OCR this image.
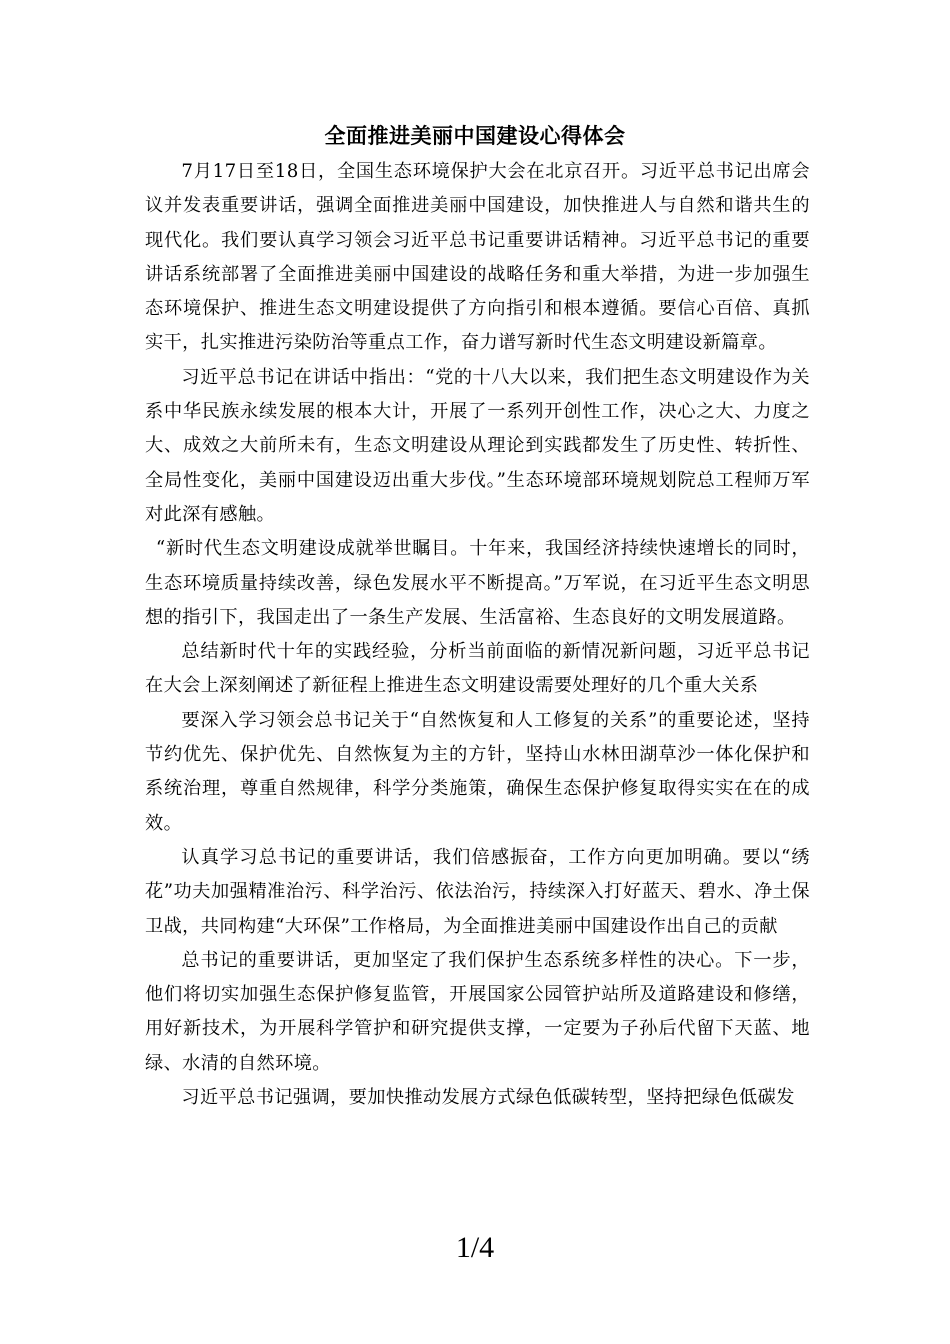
全面推进美丽中国建设心得体会

7月17日至18日，全国生态环境保护大会在北京召开。习近平总书记出席会议并发表重要讲话，强调全面推进美丽中国建设，加快推进人与自然和谐共生的现代化。我们要认真学习领会习近平总书记重要讲话精神。习近平总书记的重要讲话系统部署了全面推进美丽中国建设的战略任务和重大举措，为进一步加强生态环境保护、推进生态文明建设提供了方向指引和根本遵循。要信心百倍、真抓实干，扎实推进污染防治等重点工作，奋力谱写新时代生态文明建设新篇章。

习近平总书记在讲话中指出：“党的十八大以来，我们把生态文明建设作为关系中华民族永续发展的根本大计，开展了一系列开创性工作，决心之大、力度之大、成效之大前所未有，生态文明建设从理论到实践都发生了历史性、转折性、全局性变化，美丽中国建设迈出重大步伐。”生态环境部环境规划院总工程师万军对此深有感触。

“新时代生态文明建设成就举世瞩目。十年来，我国经济持续快速增长的同时，生态环境质量持续改善，绿色发展水平不断提高。”万军说，在习近平生态文明思想的指引下，我国走出了一条生产发展、生活富裕、生态良好的文明发展道路。

总结新时代十年的实践经验，分析当前面临的新情况新问题，习近平总书记在大会上深刻阐述了新征程上推进生态文明建设需要处理好的几个重大关系

要深入学习领会总书记关于“自然恢复和人工修复的关系”的重要论述，坚持节约优先、保护优先、自然恢复为主的方针，坚持山水林田湖草沙一体化保护和系统治理，尊重自然规律，科学分类施策，确保生态保护修复取得实实在在的成效。

认真学习总书记的重要讲话，我们倍感振奋，工作方向更加明确。要以“绣花”功夫加强精准治污、科学治污、依法治污，持续深入打好蓝天、碧水、净土保卫战，共同构建“大环保”工作格局，为全面推进美丽中国建设作出自己的贡献

总书记的重要讲话，更加坚定了我们保护生态系统多样性的决心。下一步，他们将切实加强生态保护修复监管，开展国家公园管护站所及道路建设和修缮，用好新技术，为开展科学管护和研究提供支撑，一定要为子孙后代留下天蓝、地绿、水清的自然环境。

习近平总书记强调，要加快推动发展方式绿色低碳转型，坚持把绿色低碳发

1/4
